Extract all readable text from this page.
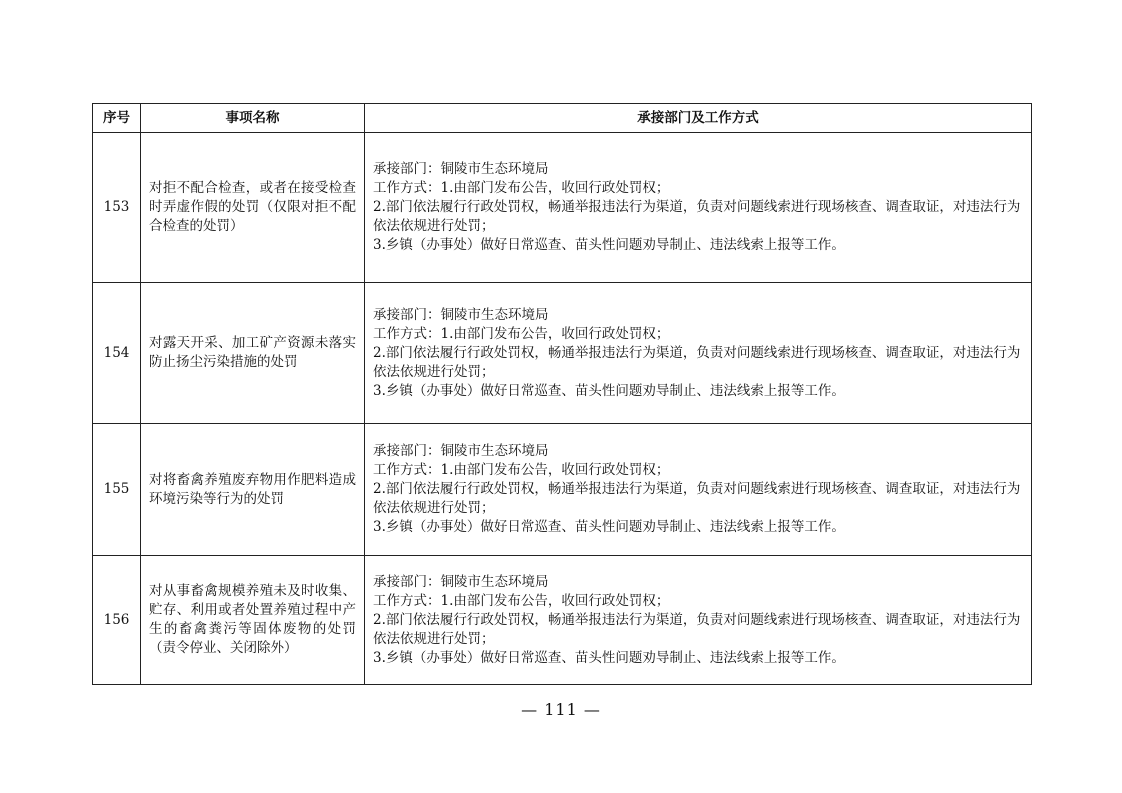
序号	事项名称	承接部门及工作方式
153	对拒不配合检查，或者在接受检查时弄虚作假的处罚（仅限对拒不配合检查的处罚）	承接部门：铜陵市生态环境局
工作方式：1.由部门发布公告，收回行政处罚权；
2.部门依法履行行政处罚权，畅通举报违法行为渠道，负责对问题线索进行现场核查、调查取证，对违法行为依法依规进行处罚；
3.乡镇（办事处）做好日常巡查、苗头性问题劝导制止、违法线索上报等工作。

154	对露天开采、加工矿产资源未落实防止扬尘污染措施的处罚	承接部门：铜陵市生态环境局
工作方式：1.由部门发布公告，收回行政处罚权；
2.部门依法履行行政处罚权，畅通举报违法行为渠道，负责对问题线索进行现场核查、调查取证，对违法行为依法依规进行处罚；
3.乡镇（办事处）做好日常巡查、苗头性问题劝导制止、违法线索上报等工作。

155	对将畜禽养殖废弃物用作肥料造成环境污染等行为的处罚	承接部门：铜陵市生态环境局
工作方式：1.由部门发布公告，收回行政处罚权；
2.部门依法履行行政处罚权，畅通举报违法行为渠道，负责对问题线索进行现场核查、调查取证，对违法行为依法依规进行处罚；
3.乡镇（办事处）做好日常巡查、苗头性问题劝导制止、违法线索上报等工作。

156	对从事畜禽规模养殖未及时收集、贮存、利用或者处置养殖过程中产生的畜禽粪污等固体废物的处罚（责令停业、关闭除外）	承接部门：铜陵市生态环境局
工作方式：1.由部门发布公告，收回行政处罚权；
2.部门依法履行行政处罚权，畅通举报违法行为渠道，负责对问题线索进行现场核查、调查取证，对违法行为依法依规进行处罚；
3.乡镇（办事处）做好日常巡查、苗头性问题劝导制止、违法线索上报等工作。
— 111 —
